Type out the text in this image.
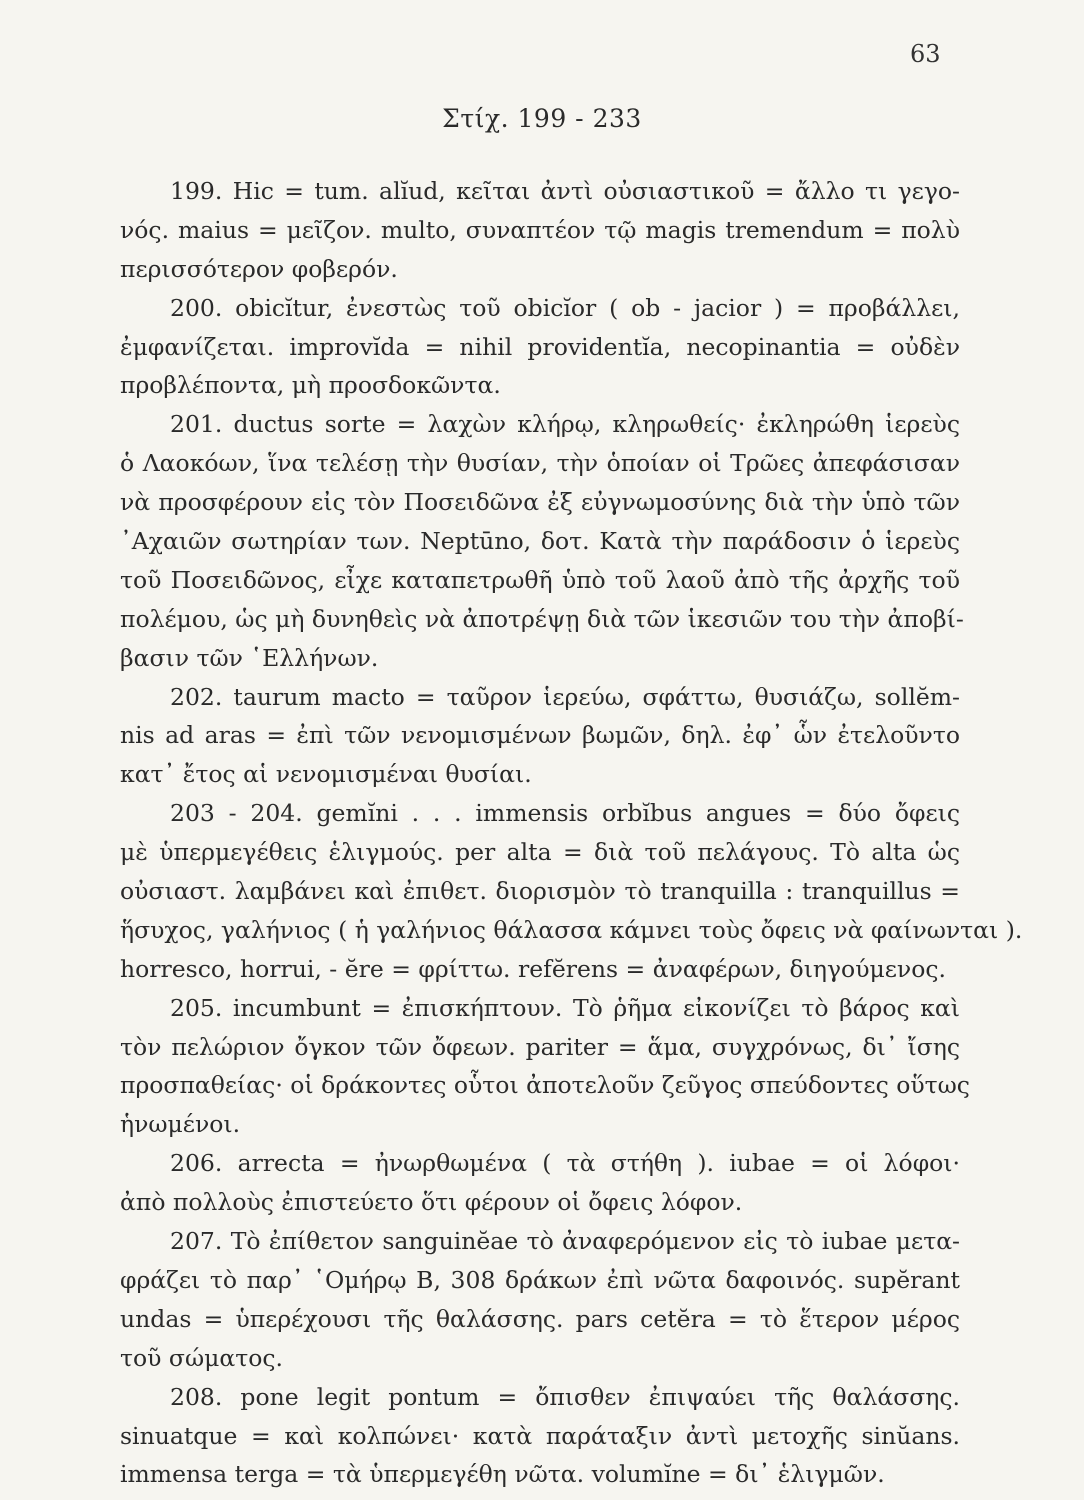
63
Στίχ. 199 - 233
199. Hic = tum. alĭud, κεῖται ἀντὶ οὐσιαστικοῦ = ἄλλο τι γεγο-
νός. maius = μεῖζον. multo, συναπτέον τῷ magis tremendum = πολὺ
περισσότερον φοβερόν.
200. obicĭtur, ἐνεστὼς τοῦ obicĭor ( ob - jacior ) = προβάλλει,
ἐμφανίζεται. improvĭda = nihil providentĭa, necopinantia = οὐδὲν
προβλέποντα, μὴ προσδοκῶντα.
201. ductus sorte = λαχὼν κλήρῳ, κληρωθείς· ἐκληρώθη ἱερεὺς
ὁ Λαοκόων, ἵνα τελέσῃ τὴν θυσίαν, τὴν ὁποίαν οἱ Τρῶες ἀπεφάσισαν
νὰ προσφέρουν εἰς τὸν Ποσειδῶνα ἐξ εὐγνωμοσύνης διὰ τὴν ὑπὸ τῶν
᾿Αχαιῶν σωτηρίαν των. Neptūno, δοτ. Κατὰ τὴν παράδοσιν ὁ ἱερεὺς
τοῦ Ποσειδῶνος, εἶχε καταπετρωθῆ ὑπὸ τοῦ λαοῦ ἀπὸ τῆς ἀρχῆς τοῦ
πολέμου, ὡς μὴ δυνηθεὶς νὰ ἀποτρέψῃ διὰ τῶν ἱκεσιῶν του τὴν ἀποβί-
βασιν τῶν ῾Ελλήνων.
202. taurum macto = ταῦρον ἱερεύω, σφάττω, θυσιάζω, sollĕm-
nis ad aras = ἐπὶ τῶν νενομισμένων βωμῶν, δηλ. ἐφ᾽ ὧν ἐτελοῦντο
κατ᾽ ἔτος αἱ νενομισμέναι θυσίαι.
203 - 204. gemĭni . . . immensis orbĭbus angues = δύο ὄφεις
μὲ ὑπερμεγέθεις ἑλιγμούς. per alta = διὰ τοῦ πελάγους. Τὸ alta ὡς
οὐσιαστ. λαμβάνει καὶ ἐπιθετ. διορισμὸν τὸ tranquilla : tranquillus =
ἥσυχος, γαλήνιος ( ἡ γαλήνιος θάλασσα κάμνει τοὺς ὄφεις νὰ φαίνωνται ).
horresco, horrui, - ĕre = φρίττω. refĕrens = ἀναφέρων, διηγούμενος.
205. incumbunt = ἐπισκήπτουν. Τὸ ῥῆμα εἰκονίζει τὸ βάρος καὶ
τὸν πελώριον ὄγκον τῶν ὄφεων. pariter = ἅμα, συγχρόνως, δι᾽ ἴσης
προσπαθείας· οἱ δράκοντες οὗτοι ἀποτελοῦν ζεῦγος σπεύδοντες οὕτως
ἡνωμένοι.
206. arrecta = ἠνωρθωμένα ( τὰ στήθη ). iubae = οἱ λόφοι·
ἀπὸ πολλοὺς ἐπιστεύετο ὅτι φέρουν οἱ ὄφεις λόφον.
207. Τὸ ἐπίθετον sanguinĕae τὸ ἀναφερόμενον εἰς τὸ iubae μετα-
φράζει τὸ παρ᾽ ῾Ομήρῳ B, 308 δράκων ἐπὶ νῶτα δαφοινός. supĕrant
undas = ὑπερέχουσι τῆς θαλάσσης. pars cetĕra = τὸ ἕτερον μέρος
τοῦ σώματος.
208. pone legit pontum = ὄπισθεν ἐπιψαύει τῆς θαλάσσης.
sinuatque = καὶ κολπώνει· κατὰ παράταξιν ἀντὶ μετοχῆς sinŭans.
immensa terga = τὰ ὑπερμεγέθη νῶτα. volumĭne = δι᾽ ἑλιγμῶν.
